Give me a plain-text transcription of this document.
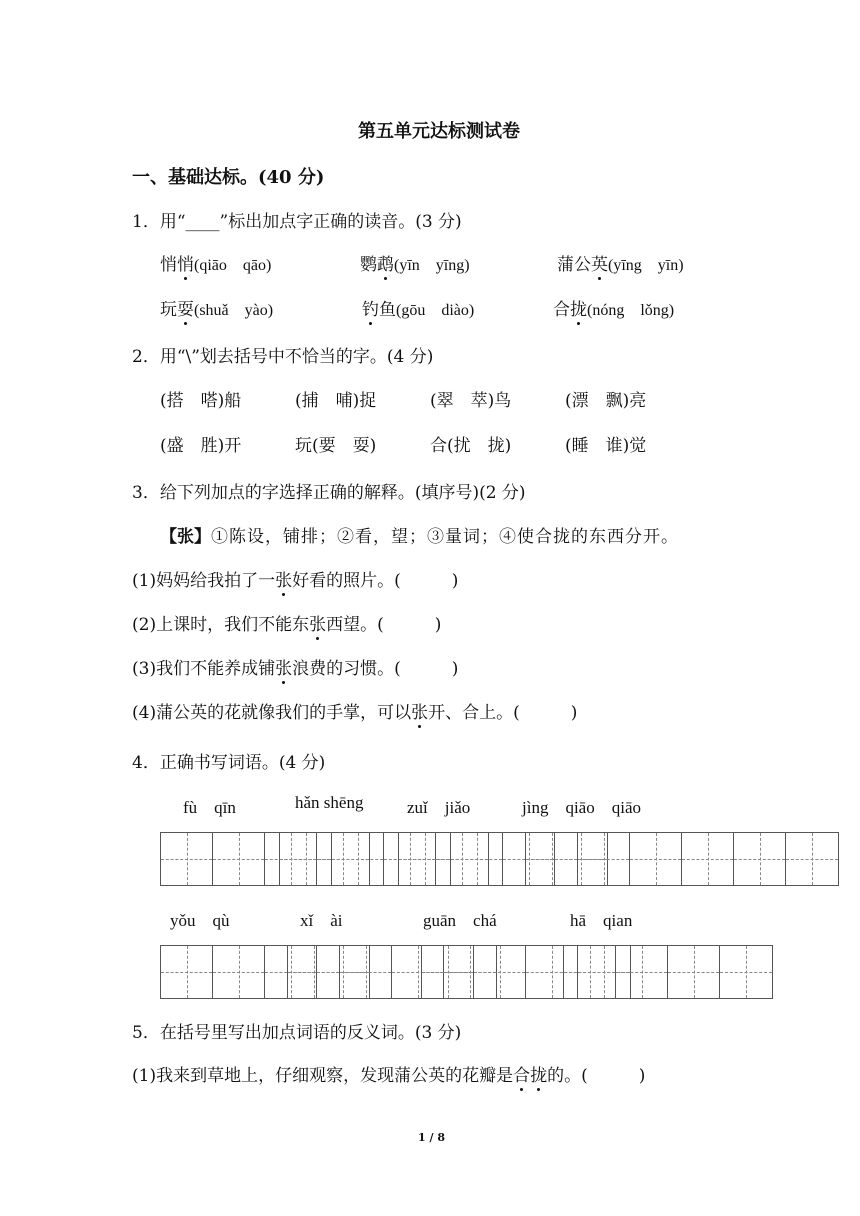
第五单元达标测试卷
一、基础达标。(40 分)
1．用“____”标出加点字正确的读音。(3 分)
悄悄(qiāo　qāo)	鹦鹉(yīn　yīng)	蒲公英(yīng　yīn)
玩耍(shuǎ　yào)	钓鱼(gōu　diào)	合拢(nóng　lǒng)
2．用“\”划去括号中不恰当的字。(4 分)
(搭　嗒)船	(捕　哺)捉	(翠　萃)鸟	(漂　飘)亮
(盛　胜)开	玩(要　耍)	合(扰　拢)	(睡　谁)觉
3．给下列加点的字选择正确的解释。(填序号)(2 分)
【张】①陈设，铺排；②看，望；③量词；④使合拢的东西分开。
(1)妈妈给我拍了一张好看的照片。(　　　)
(2)上课时，我们不能东张西望。(　　　)
(3)我们不能养成铺张浪费的习惯。(　　　)
(4)蒲公英的花就像我们的手掌，可以张开、合上。(　　　)
4．正确书写词语。(4 分)
fù　qīn	hǎn shēng	zuǐ　jiǎo	jìng　qiāo　qiāo
yǒu　qù	xǐ　ài	guān　chá	hā　qian
5．在括号里写出加点词语的反义词。(3 分)
(1)我来到草地上，仔细观察，发现蒲公英的花瓣是合拢的。(　　　)
1 / 8
